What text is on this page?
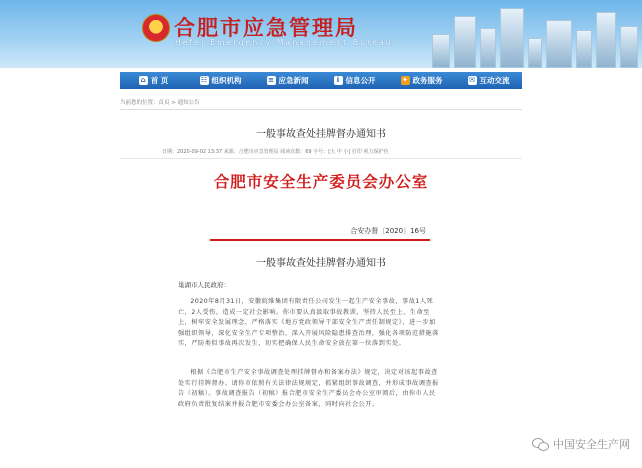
合肥市应急管理局
Hefei Emergency Management Bureau
⌂ 首 页	☷ 组织机构	≡ 应急新闻	i 信息公开	✦ 政务服务	✉ 互动交流
当前您的位置：首页 > 通知公告
一般事故查处挂牌督办通知书
日期：2020-09-02 13:37 来源：合肥市应急管理局 阅读次数：69 字号：[大 中 小] 打印 视力保护色
合肥市安全生产委员会办公室
合安办督〔2020〕16号
一般事故查处挂牌督办通知书
巢湖市人民政府：
2020年8月31日，安徽皖维集团有限责任公司发生一起生产安全事故，事故1人死亡，2人受伤，造成一定社会影响。你市要认真汲取事故教训，坚持人民至上、生命至上，树牢安全发展理念，严格落实《地方党政领导干部安全生产责任制规定》，进一步加强组织领导，深化安全生产专项整治，深入开展风险隐患排查治理，强化各项防范措施落实，严防类似事故再次发生，切实把确保人民生命安全放在第一位落到实处。
根据《合肥市生产安全事故调查处理挂牌督办和备案办法》规定，决定对该起事故查处实行挂牌督办。请你市依照有关法律法规规定，抓紧组织事故调查，并形成事故调查报告（初稿）。事故调查报告（初稿）报合肥市安全生产委员会办公室审阅后，由你市人民政府负责批复结案并报合肥市安委会办公室备案，同时向社会公开。
中国安全生产网
